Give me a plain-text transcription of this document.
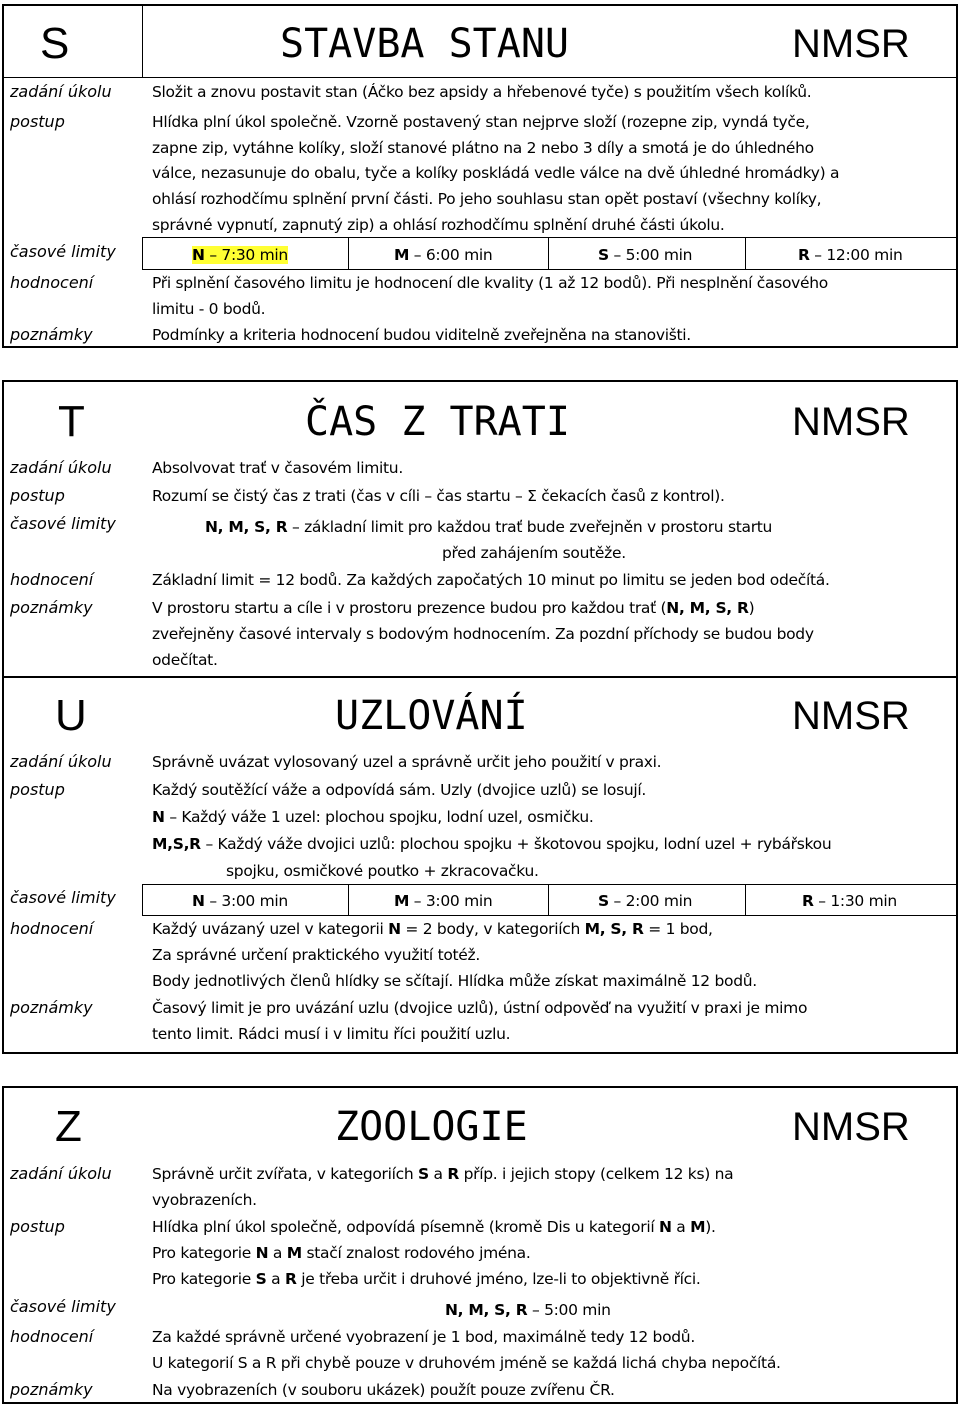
S	STAVBA STANU	NMSR
zadání úkolu	Složit a znovu postavit stan (Áčko bez apsidy a hřebenové tyče) s použitím všech kolíků.
postup	Hlídka plní úkol společně. Vzorně postavený stan nejprve složí (rozepne zip, vyndá tyče,
zapne zip, vytáhne kolíky, složí stanové plátno na 2 nebo 3 díly a smotá je do úhledného
válce, nezasunuje do obalu, tyče a kolíky poskládá vedle válce na dvě úhledné hromádky) a
ohlásí rozhodčímu splnění první části. Po jeho souhlasu stan opět postaví (všechny kolíky,
správné vypnutí, zapnutý zip) a ohlásí rozhodčímu splnění druhé části úkolu.
časové limity	N – 7:30 min	M – 6:00 min	S – 5:00 min	R – 12:00 min
hodnocení	Při splnění časového limitu je hodnocení dle kvality (1 až 12 bodů). Při nesplnění časového
limitu - 0 bodů.
poznámky	Podmínky a kriteria hodnocení budou viditelně zveřejněna na stanovišti.
T	ČAS Z TRATI	NMSR
zadání úkolu	Absolvovat trať v časovém limitu.
postup	Rozumí se čistý čas z trati (čas v cíli – čas startu – Σ čekacích časů z kontrol).
časové limity	N, M, S, R – základní limit pro každou trať bude zveřejněn v prostoru startu
před zahájením soutěže.
hodnocení	Základní limit = 12 bodů. Za každých započatých 10 minut po limitu se jeden bod odečítá.
poznámky	V prostoru startu a cíle i v prostoru prezence budou pro každou trať (N, M, S, R)
zveřejněny časové intervaly s bodovým hodnocením. Za pozdní příchody se budou body
odečítat.
U	UZLOVÁNÍ	NMSR
zadání úkolu	Správně uvázat vylosovaný uzel a správně určit jeho použití v praxi.
postup	Každý soutěžící váže a odpovídá sám. Uzly (dvojice uzlů) se losují.
N – Každý váže 1 uzel: plochou spojku, lodní uzel, osmičku.
M,S,R – Každý váže dvojici uzlů: plochou spojku + škotovou spojku, lodní uzel + rybářskou
spojku, osmičkové poutko + zkracovačku.
časové limity	N – 3:00 min	M – 3:00 min	S – 2:00 min	R – 1:30 min
hodnocení	Každý uvázaný uzel v kategorii N = 2 body, v kategoriích M, S, R = 1 bod,
Za správné určení praktického využití totéž.
Body jednotlivých členů hlídky se sčítají. Hlídka může získat maximálně 12 bodů.
poznámky	Časový limit je pro uvázání uzlu (dvojice uzlů), ústní odpověď na využití v praxi je mimo
tento limit. Rádci musí i v limitu říci použití uzlu.
Z	ZOOLOGIE	NMSR
zadání úkolu	Správně určit zvířata, v kategoriích S a R příp. i jejich stopy (celkem 12 ks) na
vyobrazeních.
postup	Hlídka plní úkol společně, odpovídá písemně (kromě Dis u kategorií N a M).
Pro kategorie N a M stačí znalost rodového jména.
Pro kategorie S a R je třeba určit i druhové jméno, lze-li to objektivně říci.
časové limity	N, M, S, R – 5:00 min
hodnocení	Za každé správně určené vyobrazení je 1 bod, maximálně tedy 12 bodů.
U kategorií S a R při chybě pouze v druhovém jméně se každá lichá chyba nepočítá.
poznámky	Na vyobrazeních (v souboru ukázek) použít pouze zvířenu ČR.
